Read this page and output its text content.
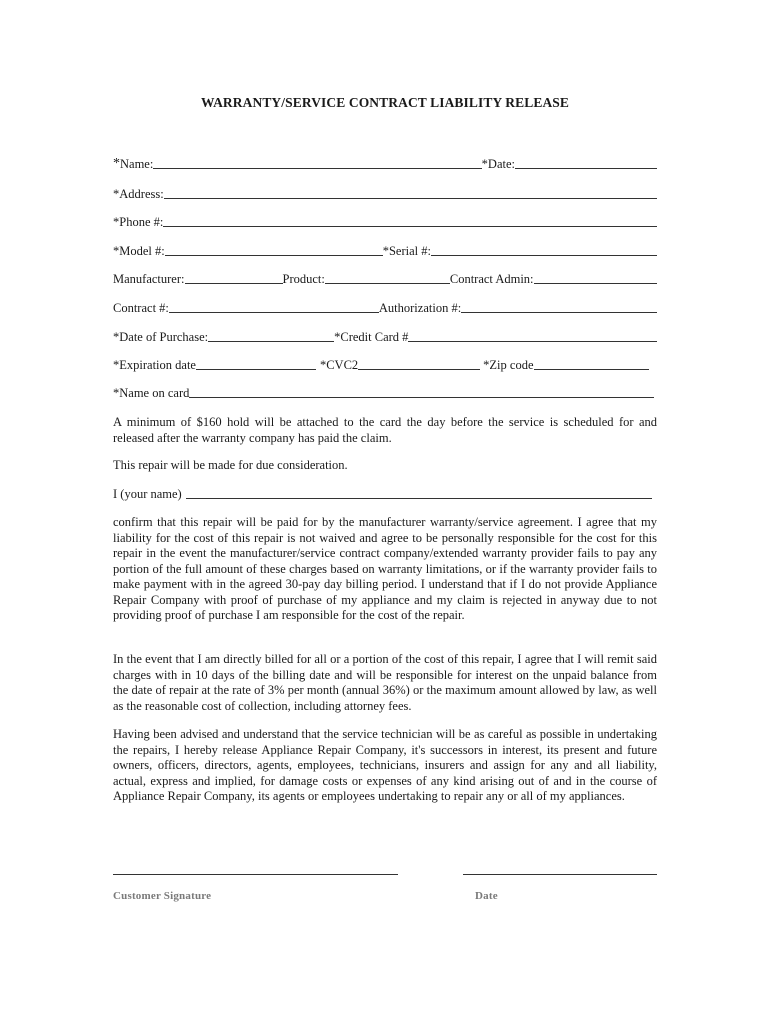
WARRANTY/SERVICE CONTRACT LIABILITY RELEASE
* Name:	*Date:
*Address:
*Phone #:
*Model #:	*Serial #:
Manufacturer:	Product:	Contract Admin:
Contract #:	Authorization #:
*Date of Purchase:	*Credit Card #
*Expiration date	*CVC2	*Zip code
*Name on card
A minimum of $160 hold will be attached to the card the day before the service is scheduled for and released after the warranty company has paid the claim.
This repair will be made for due consideration.
I (your name)
confirm that this repair will be paid for by the manufacturer warranty/service agreement. I agree that my liability for the cost of this repair is not waived and agree to be personally responsible for the cost for this repair in the event the manufacturer/service contract company/extended warranty provider fails to pay any portion of the full amount of these charges based on warranty limitations, or if the warranty provider fails to make payment with in the agreed 30-pay day billing period. I understand that if I do not provide Appliance Repair Company with proof of purchase of my appliance and my claim is rejected in anyway due to not providing proof of purchase I am responsible for the cost of the repair.
In the event that I am directly billed for all or a portion of the cost of this repair, I agree that I will remit said charges with in 10 days of the billing date and will be responsible for interest on the unpaid balance from the date of repair at the rate of 3% per month (annual 36%) or the maximum amount allowed by law, as well as the reasonable cost of collection, including attorney fees.
Having been advised and understand that the service technician will be as careful as possible in undertaking the repairs, I hereby release Appliance Repair Company, it's successors in interest, its present and future owners, officers, directors, agents, employees, technicians, insurers and assign for any and all liability, actual, express and implied, for damage costs or expenses of any kind arising out of and in the course of Appliance Repair Company, its agents or employees undertaking to repair any or all of my appliances.
Customer Signature	Date
